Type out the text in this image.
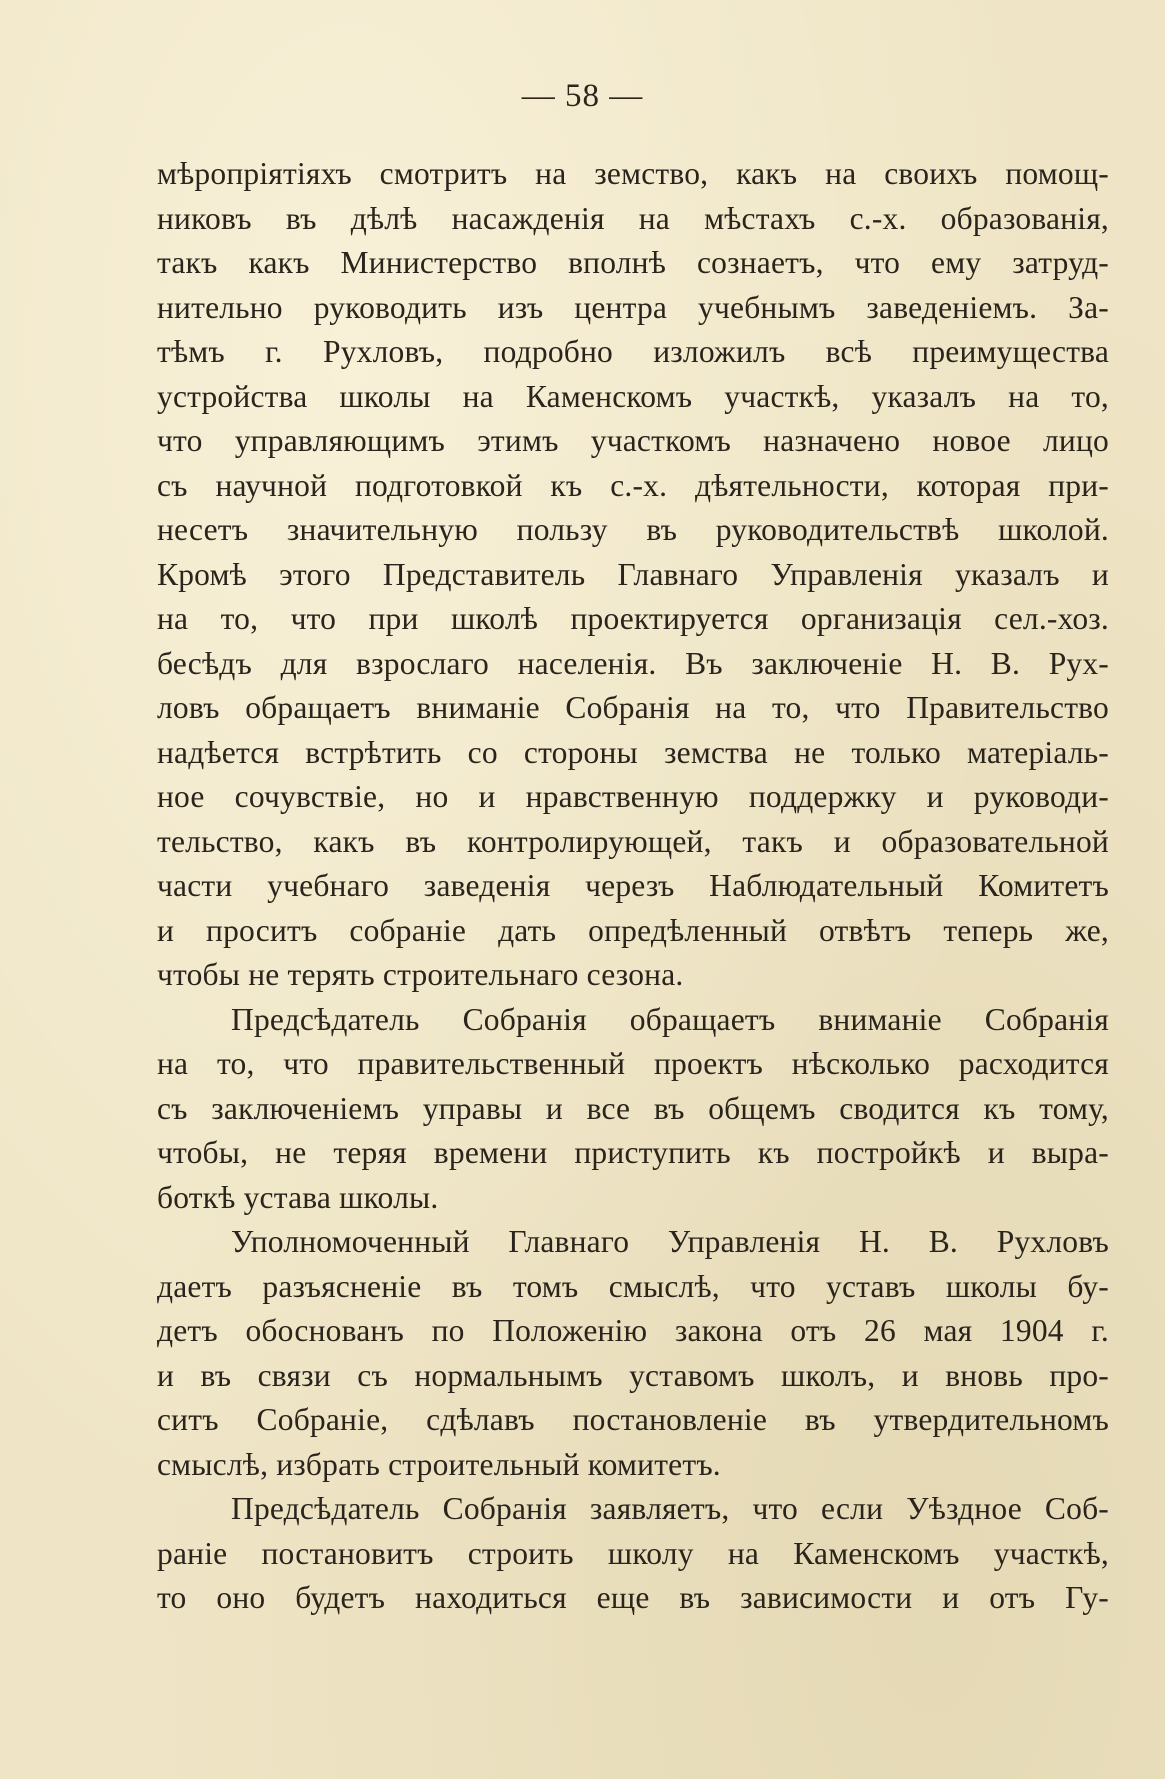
— 58 —
мѣропріятіяхъ смотритъ на земство, какъ на своихъ помощ-
никовъ въ дѣлѣ насажденія на мѣстахъ с.-х. образованія,
такъ какъ Министерство вполнѣ сознаетъ, что ему затруд-
нительно руководить изъ центра учебнымъ заведеніемъ. За-
тѣмъ г. Рухловъ, подробно изложилъ всѣ преимущества
устройства школы на Каменскомъ участкѣ, указалъ на то,
что управляющимъ этимъ участкомъ назначено новое лицо
съ научной подготовкой къ с.-х. дѣятельности, которая при-
несетъ значительную пользу въ руководительствѣ школой.
Кромѣ этого Представитель Главнаго Управленія указалъ и
на то, что при школѣ проектируется организація сел.-хоз.
бесѣдъ для взрослаго населенія. Въ заключеніе Н. В. Рух-
ловъ обращаетъ вниманіе Собранія на то, что Правительство
надѣется встрѣтить со стороны земства не только матеріаль-
ное сочувствіе, но и нравственную поддержку и руководи-
тельство, какъ въ контролирующей, такъ и образовательной
части учебнаго заведенія черезъ Наблюдательный Комитетъ
и проситъ собраніе дать опредѣленный отвѣтъ теперь же,
чтобы не терять строительнаго сезона.
Предсѣдатель Собранія обращаетъ вниманіе Собранія
на то, что правительственный проектъ нѣсколько расходится
съ заключеніемъ управы и все въ общемъ сводится къ тому,
чтобы, не теряя времени приступить къ постройкѣ и выра-
боткѣ устава школы.
Уполномоченный Главнаго Управленія Н. В. Рухловъ
даетъ разъясненіе въ томъ смыслѣ, что уставъ школы бу-
детъ обоснованъ по Положенію закона отъ 26 мая 1904 г.
и въ связи съ нормальнымъ уставомъ школъ, и вновь про-
ситъ Собраніе, сдѣлавъ постановленіе въ утвердительномъ
смыслѣ, избрать строительный комитетъ.
Предсѣдатель Собранія заявляетъ, что если Уѣздное Соб-
раніе постановитъ строить школу на Каменскомъ участкѣ,
то оно будетъ находиться еще въ зависимости и отъ Гу-
